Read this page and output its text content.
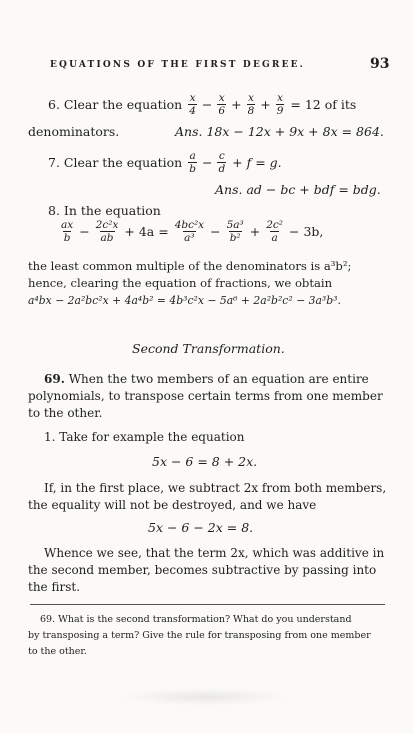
EQUATIONS OF THE FIRST DEGREE.	93
6.
Clear the equation
$\frac{x}{4} - \frac{x}{6} + \frac{x}{8} + \frac{x}{9}$
= 12 of its
denominators.	Ans. 18x − 12x + 9x + 8x = 864.
7.
Clear the equation
$\frac{a}{b} - \frac{c}{d}$
+ f = g.
Ans. ad − bc + bdf = bdg.
8. In the equation
$\frac{ax}{b} - \frac{\text{2c²x}}{ab} + 4a = \frac{\text{4bc²x}}{\text{a³}} - \frac{\text{5a³}}{\text{b²}} + \frac{\text{2c²}}{a} - 3b$,
the least common multiple of the denominators is a³b²;
hence, clearing the equation of fractions, we obtain
a⁴bx − 2a²bc²x + 4a⁴b² = 4b³c²x − 5a⁶ + 2a²b²c² − 3a³b³.
Second Transformation.
69. When the two members of an equation are entire
polynomials, to transpose certain terms from one member
to the other.
1. Take for example the equation
5x − 6 = 8 + 2x.
If, in the first place, we subtract 2x from both members,
the equality will not be destroyed, and we have
5x − 6 − 2x = 8.
Whence we see, that the term 2x, which was additive in
the second member, becomes subtractive by passing into
the first.
69. What is the second transformation? What do you understand
by transposing a term? Give the rule for transposing from one member
to the other.
